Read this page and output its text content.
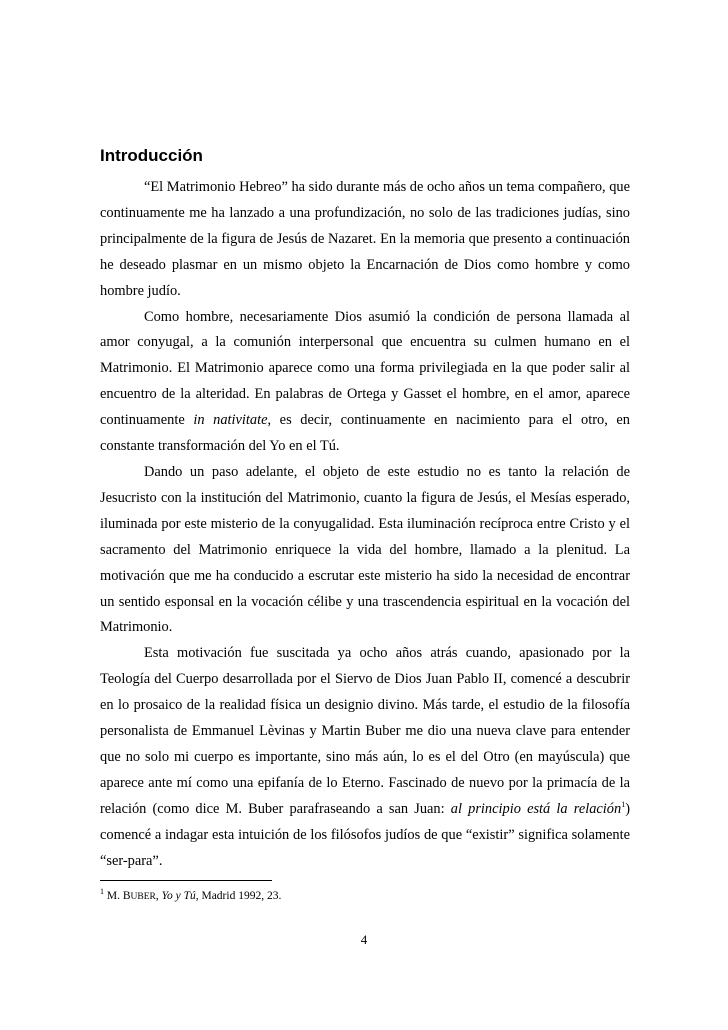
Introducción

“El Matrimonio Hebreo” ha sido durante más de ocho años un tema compañero, que continuamente me ha lanzado a una profundización, no solo de las tradiciones judías, sino principalmente de la figura de Jesús de Nazaret. En la memoria que presento a continuación he deseado plasmar en un mismo objeto la Encarnación de Dios como hombre y como hombre judío.

Como hombre, necesariamente Dios asumió la condición de persona llamada al amor conyugal, a la comunión interpersonal que encuentra su culmen humano en el Matrimonio. El Matrimonio aparece como una forma privilegiada en la que poder salir al encuentro de la alteridad. En palabras de Ortega y Gasset el hombre, en el amor, aparece continuamente in nativitate, es decir, continuamente en nacimiento para el otro, en constante transformación del Yo en el Tú.

Dando un paso adelante, el objeto de este estudio no es tanto la relación de Jesucristo con la institución del Matrimonio, cuanto la figura de Jesús, el Mesías esperado, iluminada por este misterio de la conyugalidad. Esta iluminación recíproca entre Cristo y el sacramento del Matrimonio enriquece la vida del hombre, llamado a la plenitud. La motivación que me ha conducido a escrutar este misterio ha sido la necesidad de encontrar un sentido esponsal en la vocación célibe y una trascendencia espiritual en la vocación del Matrimonio.

Esta motivación fue suscitada ya ocho años atrás cuando, apasionado por la Teología del Cuerpo desarrollada por el Siervo de Dios Juan Pablo II, comencé a descubrir en lo prosaico de la realidad física un designio divino. Más tarde, el estudio de la filosofía personalista de Emmanuel Lèvinas y Martin Buber me dio una nueva clave para entender que no solo mi cuerpo es importante, sino más aún, lo es el del Otro (en mayúscula) que aparece ante mí como una epifanía de lo Eterno. Fascinado de nuevo por la primacía de la relación (como dice M. Buber parafraseando a san Juan: al principio está la relación$^1$) comencé a indagar esta intuición de los filósofos judíos de que “existir” significa solamente “ser-para”.

$^1$ M. BUBER, Yo y Tú, Madrid 1992, 23.
4
